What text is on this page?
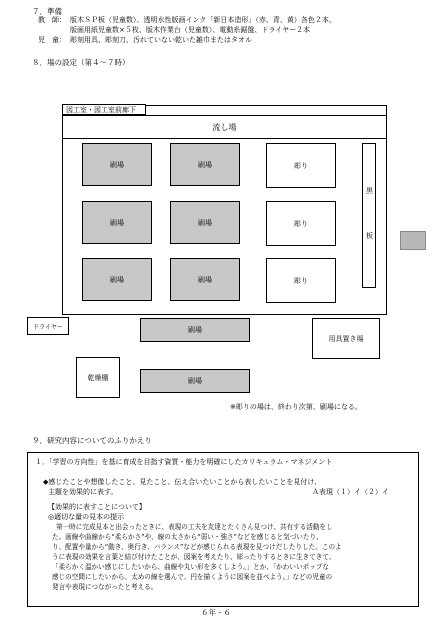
７．準備
教　師： 版木ＳＰ板（児童数）、透明水性版画インク「新日本造形」（赤、青、黄）各色２本、
版画用紙児童数×５枚、版木作業台（児童数）、電動糸鋸盤、ドライヤー２本
児　童： 彫刻用具、彫刻刀、汚れていない乾いた雑巾またはタオル
８．場の設定（第４～７時）
図工室・図工室前廊下
流し場
刷場	刷場
刷場	刷場
刷場	刷場
彫り
彫り
彫り
黒
板
ドライヤー	刷場
用具置き場
乾燥棚	刷場
※彫りの場は、終わり次第、刷場になる。
９．研究内容についてのふりかえり
１．「学習の方向性」を基に育成を目指す資質・能力を明確にしたカリキュラム・マネジメント
◆感じたことや想像したこと、見たこと、伝え合いたいことから表したいことを見付け、
主題を効果的に表す。	Ａ表現（１）イ（２）イ
【効果的に表すことについて】
◎適切な量の見本の提示
第一時に完成見本と出会ったときに、表現の工夫を友達とたくさん見つけ、共有する活動をし
た。画線や曲線から“柔らかさ”や、線の太さから“弱い・強さ”などを感じると気づいたり、
り、配置や量から“動き、奥行き、バランス”などが感じられる表現を見つけだしたりした。このよ
うに表現の効果を言葉と結び付けたことが、図案を考えたり、彫ったりするときに生きてきて、
「柔らかく温かい感じにしたいから、曲線や丸い形を多くしよう。」とか、「かわいいポップな
感じの空間にしたいから、太めの線を選んで、円を描くように図案を並べよう。」などの児童の
発言や表現につながったと考える。
６年 - ６
